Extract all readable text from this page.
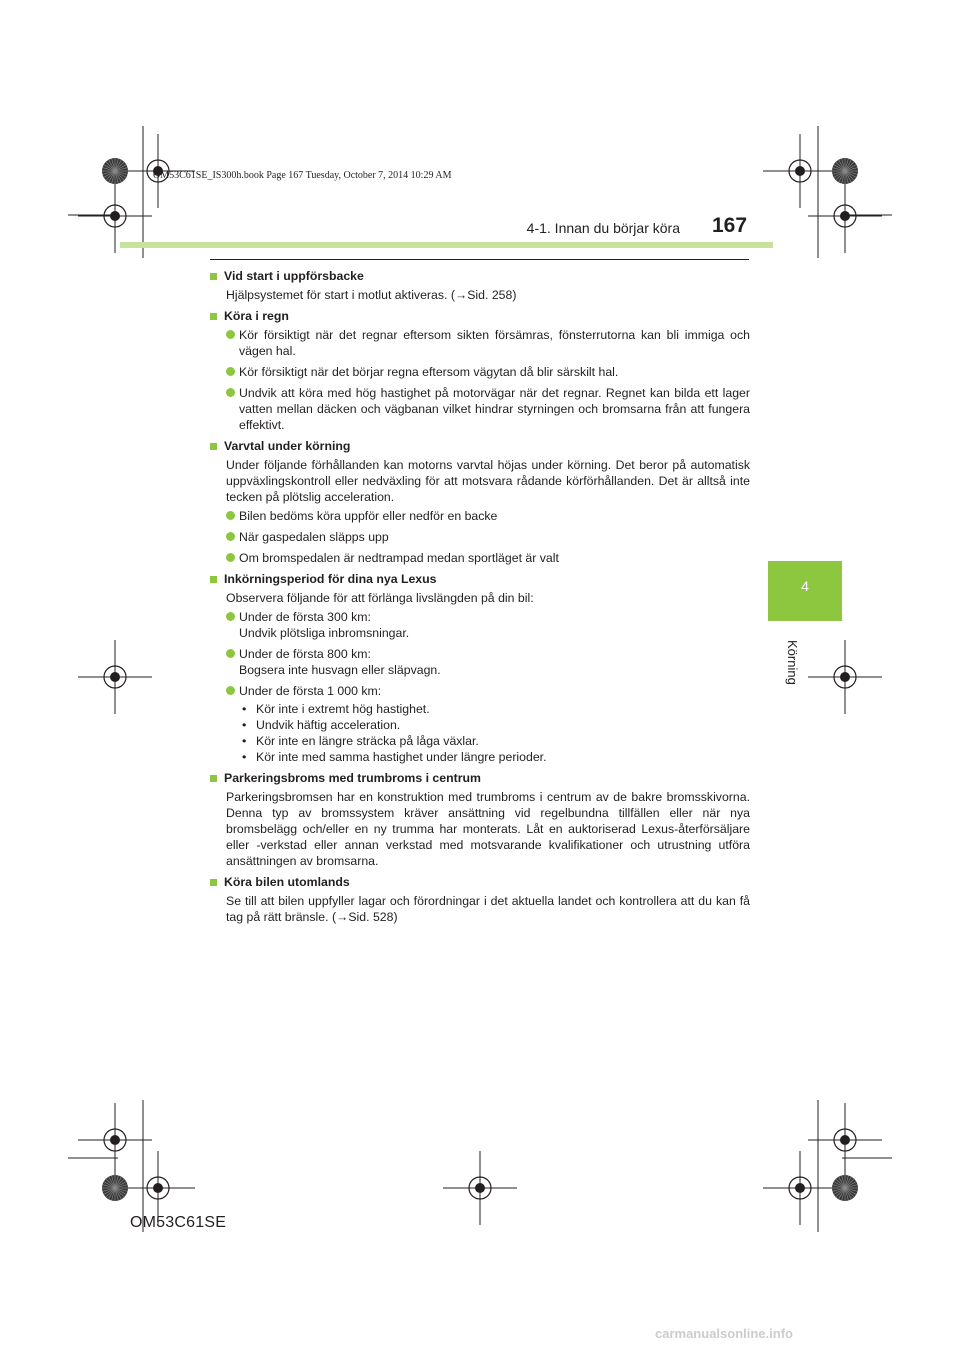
OM53C61SE_IS300h.book Page 167 Tuesday, October 7, 2014 10:29 AM
4-1. Innan du börjar köra 167
4
Körning
Vid start i uppförsbacke
Hjälpsystemet för start i motlut aktiveras. (→Sid. 258)
Köra i regn
Kör försiktigt när det regnar eftersom sikten försämras, fönsterrutorna kan bli immiga och vägen hal.
Kör försiktigt när det börjar regna eftersom vägytan då blir särskilt hal.
Undvik att köra med hög hastighet på motorvägar när det regnar. Regnet kan bilda ett lager vatten mellan däcken och vägbanan vilket hindrar styrningen och bromsarna från att fungera effektivt.
Varvtal under körning
Under följande förhållanden kan motorns varvtal höjas under körning. Det beror på automatisk uppväxlingskontroll eller nedväxling för att motsvara rådande körförhållanden. Det är alltså inte tecken på plötslig acceleration.
Bilen bedöms köra uppför eller nedför en backe
När gaspedalen släpps upp
Om bromspedalen är nedtrampad medan sportläget är valt
Inkörningsperiod för dina nya Lexus
Observera följande för att förlänga livslängden på din bil:
Under de första 300 km:
Undvik plötsliga inbromsningar.
Under de första 800 km:
Bogsera inte husvagn eller släpvagn.
Under de första 1 000 km:
• Kör inte i extremt hög hastighet.
• Undvik häftig acceleration.
• Kör inte en längre sträcka på låga växlar.
• Kör inte med samma hastighet under längre perioder.
Parkeringsbroms med trumbroms i centrum
Parkeringsbromsen har en konstruktion med trumbroms i centrum av de bakre bromsskivorna. Denna typ av bromssystem kräver ansättning vid regelbundna tillfällen eller när nya bromsbelägg och/eller en ny trumma har monterats. Låt en auktoriserad Lexus-återförsäljare eller -verkstad eller annan verkstad med motsvarande kvalifikationer och utrustning utföra ansättningen av bromsarna.
Köra bilen utomlands
Se till att bilen uppfyller lagar och förordningar i det aktuella landet och kontrollera att du kan få tag på rätt bränsle. (→Sid. 528)
OM53C61SE
carmanualsonline.info
